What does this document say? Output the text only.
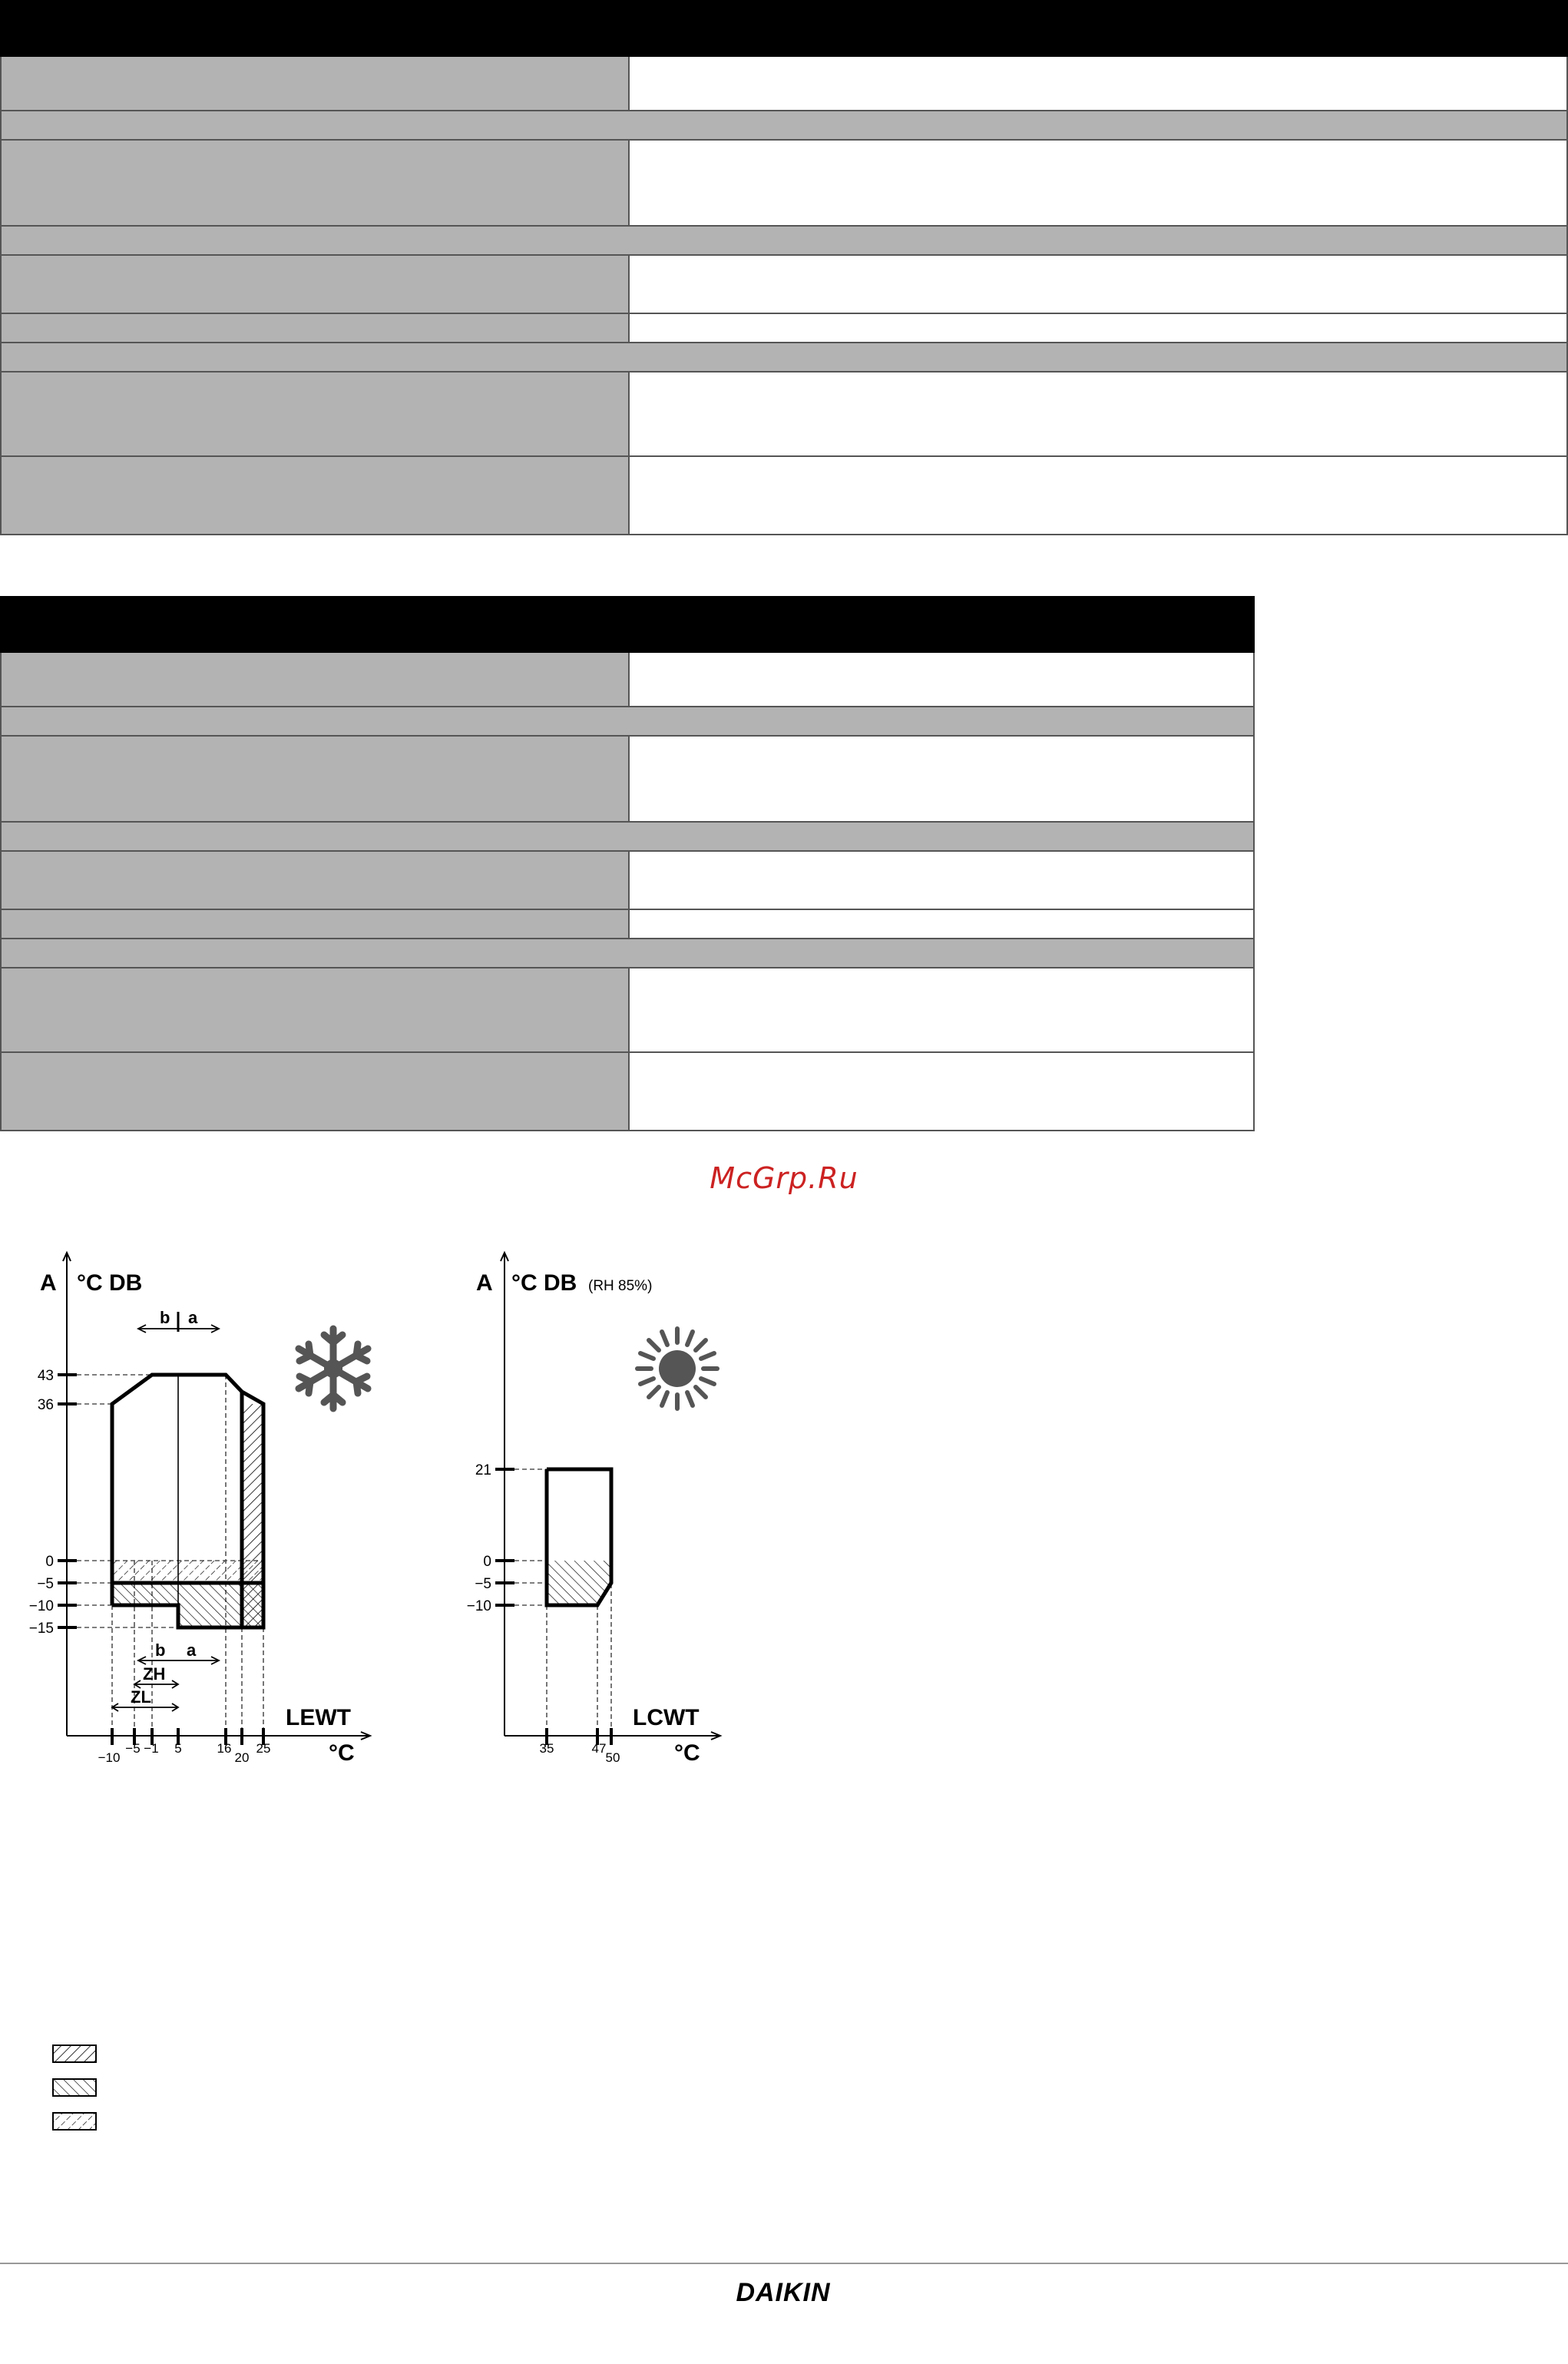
McGrp.Ru
A °C DB
LEWT
°C
43
36
0
−5
−10
−15
−10
−5 −1 5	16
20
25
b a
b a
ZH
ZL
A °C DB (RH 85%)
LCWT
°C
21
0
−5
−10
35	47
50
DAIKIN
